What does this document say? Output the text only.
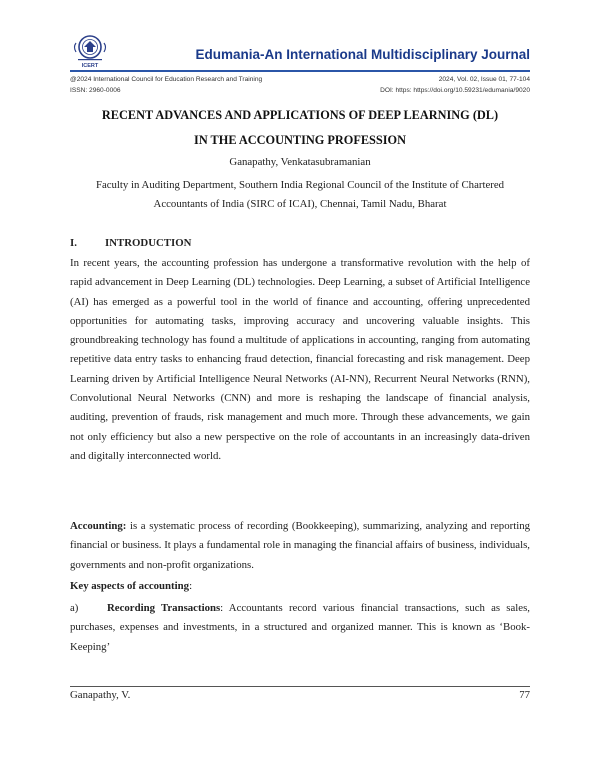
ICERT
Edumania-An International Multidisciplinary Journal
@2024 International Council for Education Research and Training	2024, Vol. 02, Issue 01, 77-104
ISSN: 2960-0006	DOI: https: https://doi.org/10.59231/edumania/9020
RECENT ADVANCES AND APPLICATIONS OF DEEP LEARNING (DL)
IN THE ACCOUNTING PROFESSION
Ganapathy, Venkatasubramanian
Faculty in Auditing Department, Southern India Regional Council of the Institute of Chartered
Accountants of India (SIRC of ICAI), Chennai, Tamil Nadu, Bharat
I.	INTRODUCTION

In recent years, the accounting profession has undergone a transformative revolution with the help of rapid advancement in Deep Learning (DL) technologies. Deep Learning, a subset of Artificial Intelligence (AI) has emerged as a powerful tool in the world of finance and accounting, offering unprecedented opportunities for automating tasks, improving accuracy and uncovering valuable insights. This groundbreaking technology has found a multitude of applications in accounting, ranging from automating repetitive data entry tasks to enhancing fraud detection, financial forecasting and risk management. Deep Learning driven by Artificial Intelligence Neural Networks (AI-NN), Recurrent Neural Networks (RNN), Convolutional Neural Networks (CNN) and more is reshaping the landscape of financial analysis, auditing, prevention of frauds, risk management and much more. Through these advancements, we gain not only efficiency but also a new perspective on the role of accountants in an increasingly data-driven and digitally interconnected world.

Accounting: is a systematic process of recording (Bookkeeping), summarizing, analyzing and reporting financial or business. It plays a fundamental role in managing the financial affairs of business, individuals, governments and non-profit organizations.

Key aspects of accounting:

a)	Recording Transactions: Accountants record various financial transactions, such as sales, purchases, expenses and investments, in a structured and organized manner. This is known as ‘Book-Keeping’

Ganapathy, V.	77
